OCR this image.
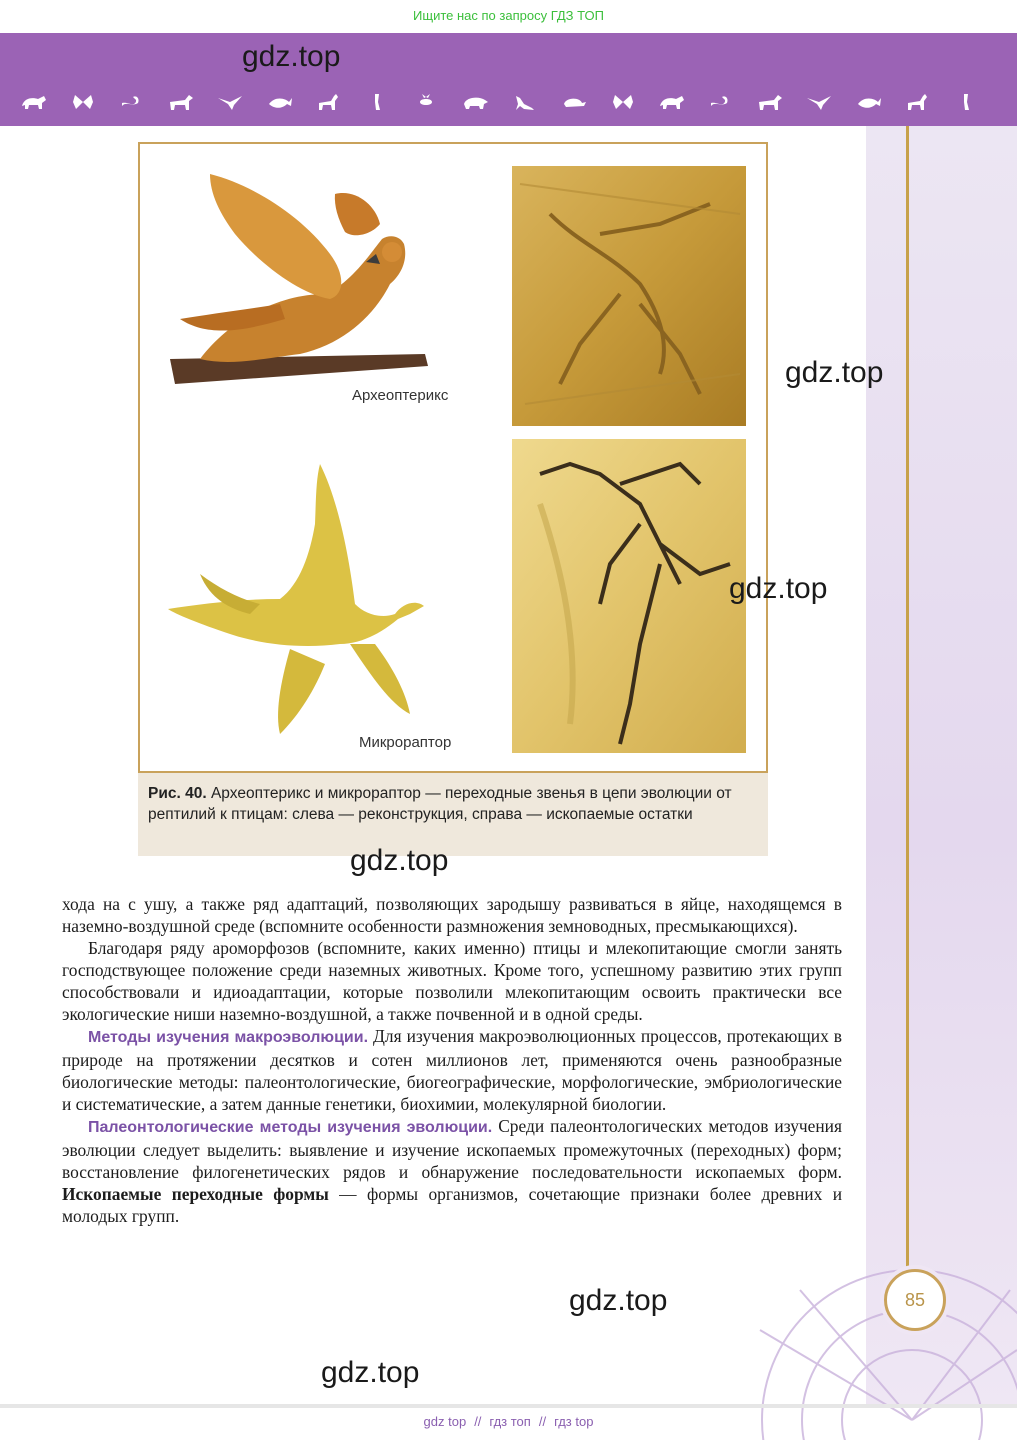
Ищите нас по запросу ГДЗ ТОП
Археоптерикс
Микрораптор
Рис. 40. Археоптерикс и микрораптор — переходные звенья в цепи эволюции от рептилий к птицам: слева — реконструкция, справа — ископаемые остатки
gdz.top
gdz.top
gdz.top
gdz.top

хода на с ушу, а также ряд адаптаций, позволяющих зародышу развиваться в яйце, находящемся в наземно-воздушной среде (вспомните особенности размножения земноводных, пресмыкающихся).

Благодаря ряду ароморфозов (вспомните, каких именно) птицы и млекопитающие смогли занять господствующее положение среди наземных животных. Кроме того, успешному развитию этих групп способствовали и идиоадаптации, которые позволили млекопитающим освоить практически все экологические ниши наземно-воздушной, а также почвенной и в одной среды.

Методы изучения макроэволюции. Для изучения макроэволюционных процессов, протекающих в природе на протяжении десятков и сотен миллионов лет, применяются очень разнообразные биологические методы: палеонтологические, биогеографические, морфологические, эмбриологические и систематические, а затем данные генетики, биохимии, молекулярной биологии.

Палеонтологические методы изучения эволюции. Среди палеонтологических методов изучения эволюции следует выделить: выявление и изучение ископаемых промежуточных (переходных) форм; восстановление филогенетических рядов и обнаружение последовательности ископаемых форм. Ископаемые переходные формы — формы организмов, сочетающие признаки более древних и молодых групп.

gdz.top
gdz.top
85
gdz top // гдз топ // гдз top
